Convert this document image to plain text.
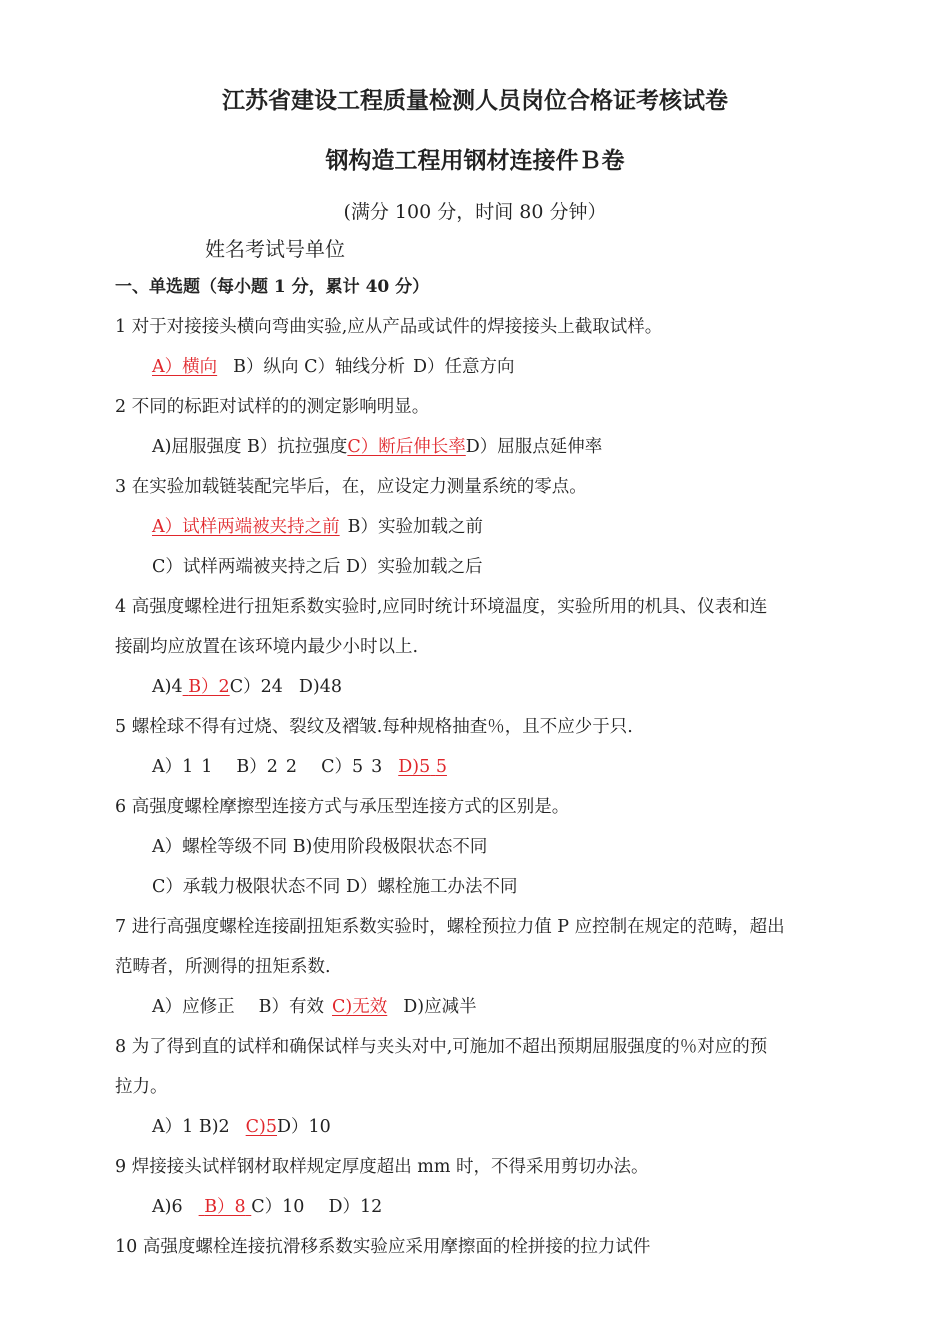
江苏省建设工程质量检测人员岗位合格证考核试卷
钢构造工程用钢材连接件Ｂ卷
(满分 100 分，时间 80 分钟）
姓名考试号单位
一、单选题（每小题 1 分，累计 40 分）
1 对于对接接头横向弯曲实验,应从产品或试件的焊接接头上截取试样。
A）横向 B）纵向 C）轴线分析 D）任意方向
2 不同的标距对试样的的测定影响明显。
A)屈服强度 B）抗拉强度C）断后伸长率D）屈服点延伸率
3 在实验加载链装配完毕后，在，应设定力测量系统的零点。
A）试样两端被夹持之前 B）实验加载之前
C）试样两端被夹持之后 D）实验加载之后
4 高强度螺栓进行扭矩系数实验时,应同时统计环境温度，实验所用的机具、仪表和连
接副均应放置在该环境内最少小时以上.
A)4 B）2C）24 D)48
5 螺栓球不得有过烧、裂纹及褶皱.每种规格抽查％，且不应少于只.
A）1 1 B）2 2 C）5 3 D)5 5
6 高强度螺栓摩擦型连接方式与承压型连接方式的区别是。
A）螺栓等级不同 B)使用阶段极限状态不同
C）承载力极限状态不同 D）螺栓施工办法不同
7 进行高强度螺栓连接副扭矩系数实验时，螺栓预拉力值 P 应控制在规定的范畴，超出
范畴者，所测得的扭矩系数.
A）应修正 B）有效 C)无效 D)应减半
8 为了得到直的试样和确保试样与夹头对中,可施加不超出预期屈服强度的％对应的预
拉力。
A）1 B)2 C)5D）10
9 焊接接头试样钢材取样规定厚度超出 mm 时，不得采用剪切办法。
A)6 B）8 C）10 D）12
10 高强度螺栓连接抗滑移系数实验应采用摩擦面的栓拼接的拉力试件
